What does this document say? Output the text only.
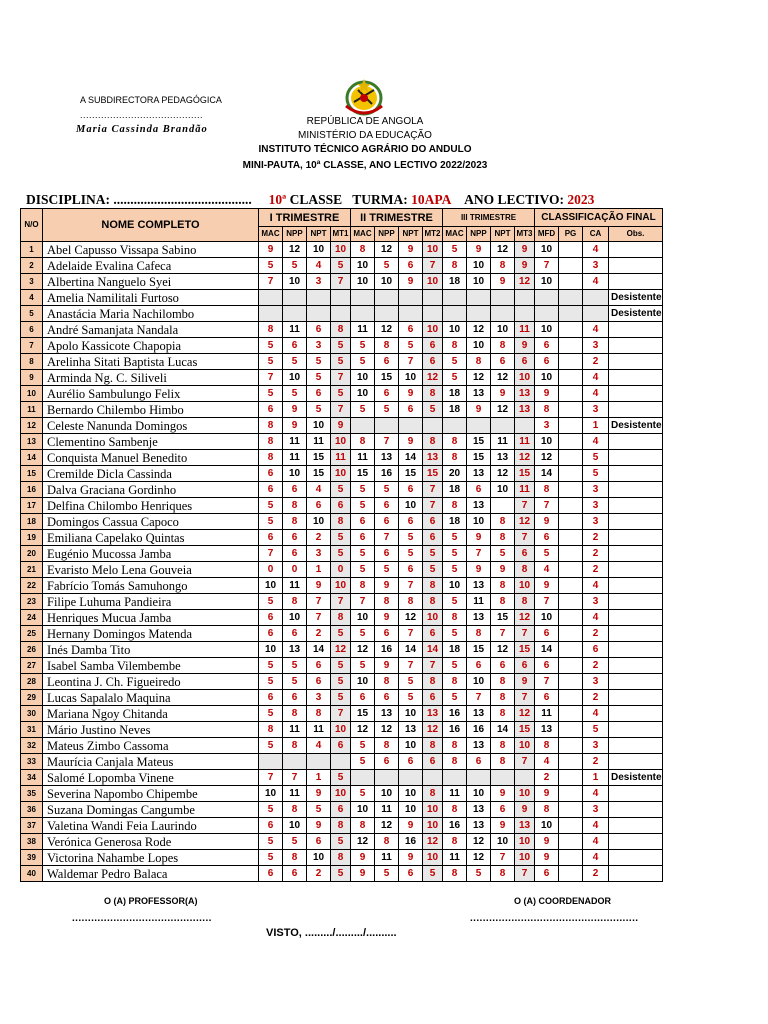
A SUBDIRECTORA PEDAGÓGICA
.........................................
Maria Cassinda Brandão
REPÚBLICA DE ANGOLA
MINISTÉRIO DA EDUCAÇÃO
INSTITUTO TÉCNICO AGRÁRIO DO ANDULO
MINI-PAUTA, 10ª CLASSE, ANO LECTIVO 2022/2023
DISCIPLINA: ......................................... 10ª CLASSE TURMA: 10APA ANO LECTIVO: 2023
N/O	NOME COMPLETO	I TRIMESTRE				II TRIMESTRE				III TRIMESTRE				CLASSIFICAÇÃO FINAL			
		MAC	NPP	NPT	MT1	MAC	NPP	NPT	MT2	MAC	NPP	NPT	MT3	MFD	PG	CA	Obs.
1	Abel Capusso Vissapa Sabino	9	12	10	10	8	12	9	10	5	9	12	9	10		4	
2	Adelaide Evalina Cafeca	5	5	4	5	10	5	6	7	8	10	8	9	7		3	
3	Albertina Nanguelo Syei	7	10	3	7	10	10	9	10	18	10	9	12	10		4	
4	Amelia Namilitali Furtoso																Desistente
5	Anastácia Maria Nachilombo																Desistente
6	André Samanjata Nandala	8	11	6	8	11	12	6	10	10	12	10	11	10		4	
7	Apolo Kassicote Chapopia	5	6	3	5	5	8	5	6	8	10	8	9	6		3	
8	Arelinha Sitati Baptista Lucas	5	5	5	5	5	6	7	6	5	8	6	6	6		2	
9	Arminda Ng. C. Siliveli	7	10	5	7	10	15	10	12	5	12	12	10	10		4	
10	Aurélio Sambulungo Felix	5	5	6	5	10	6	9	8	18	13	9	13	9		4	
11	Bernardo Chilembo Himbo	6	9	5	7	5	5	6	5	18	9	12	13	8		3	
12	Celeste Nanunda Domingos	8	9	10	9									3		1	Desistente
13	Clementino Sambenje	8	11	11	10	8	7	9	8	8	15	11	11	10		4	
14	Conquista Manuel Benedito	8	11	15	11	11	13	14	13	8	15	13	12	12		5	
15	Cremilde Dicla Cassinda	6	10	15	10	15	16	15	15	20	13	12	15	14		5	
16	Dalva Graciana Gordinho	6	6	4	5	5	5	6	7	18	6	10	11	8		3	
17	Delfina Chilombo Henriques	5	8	6	6	5	6	10	7	8	13		7	7		3	
18	Domingos Cassua Capoco	5	8	10	8	6	6	6	6	18	10	8	12	9		3	
19	Emiliana Capelako Quintas	6	6	2	5	6	7	5	6	5	9	8	7	6		2	
20	Eugénio Mucossa Jamba	7	6	3	5	5	6	5	5	5	7	5	6	5		2	
21	Evaristo Melo Lena Gouveia	0	0	1	0	5	5	6	5	5	9	9	8	4		2	
22	Fabrício Tomás Samuhongo	10	11	9	10	8	9	7	8	10	13	8	10	9		4	
23	Filipe Luhuma Pandieira	5	8	7	7	7	8	8	8	5	11	8	8	7		3	
24	Henriques Mucua Jamba	6	10	7	8	10	9	12	10	8	13	15	12	10		4	
25	Hernany Domingos Matenda	6	6	2	5	5	6	7	6	5	8	7	7	6		2	
26	Inés Damba Tito	10	13	14	12	12	16	14	14	18	15	12	15	14		6	
27	Isabel Samba Vilembembe	5	5	6	5	5	9	7	7	5	6	6	6	6		2	
28	Leontina J. Ch. Figueiredo	5	5	6	5	10	8	5	8	8	10	8	9	7		3	
29	Lucas Sapalalo Maquina	6	6	3	5	6	6	5	6	5	7	8	7	6		2	
30	Mariana Ngoy Chitanda	5	8	8	7	15	13	10	13	16	13	8	12	11		4	
31	Mário Justino Neves	8	11	11	10	12	12	13	12	16	16	14	15	13		5	
32	Mateus Zimbo Cassoma	5	8	4	6	5	8	10	8	8	13	8	10	8		3	
33	Maurícia Canjala Mateus					5	6	6	6	8	6	8	7	4		2	
34	Salomé Lopomba Vinene	7	7	1	5									2		1	Desistente
35	Severina Napombo Chipembe	10	11	9	10	5	10	10	8	11	10	9	10	9		4	
36	Suzana Domingas Cangumbe	5	8	5	6	10	11	10	10	8	13	6	9	8		3	
37	Valetina Wandi Feia Laurindo	6	10	9	8	8	12	9	10	16	13	9	13	10		4	
38	Verónica Generosa Rode	5	5	6	5	12	8	16	12	8	12	10	10	9		4	
39	Victorina Nahambe Lopes	5	8	10	8	9	11	9	10	11	12	7	10	9		4	
40	Waldemar Pedro Balaca	6	6	2	5	9	5	6	5	8	5	8	7	6		2	
O (A) PROFESSOR(A)
............................................
O (A) COORDENADOR
.....................................................
VISTO, ........./........./..........
